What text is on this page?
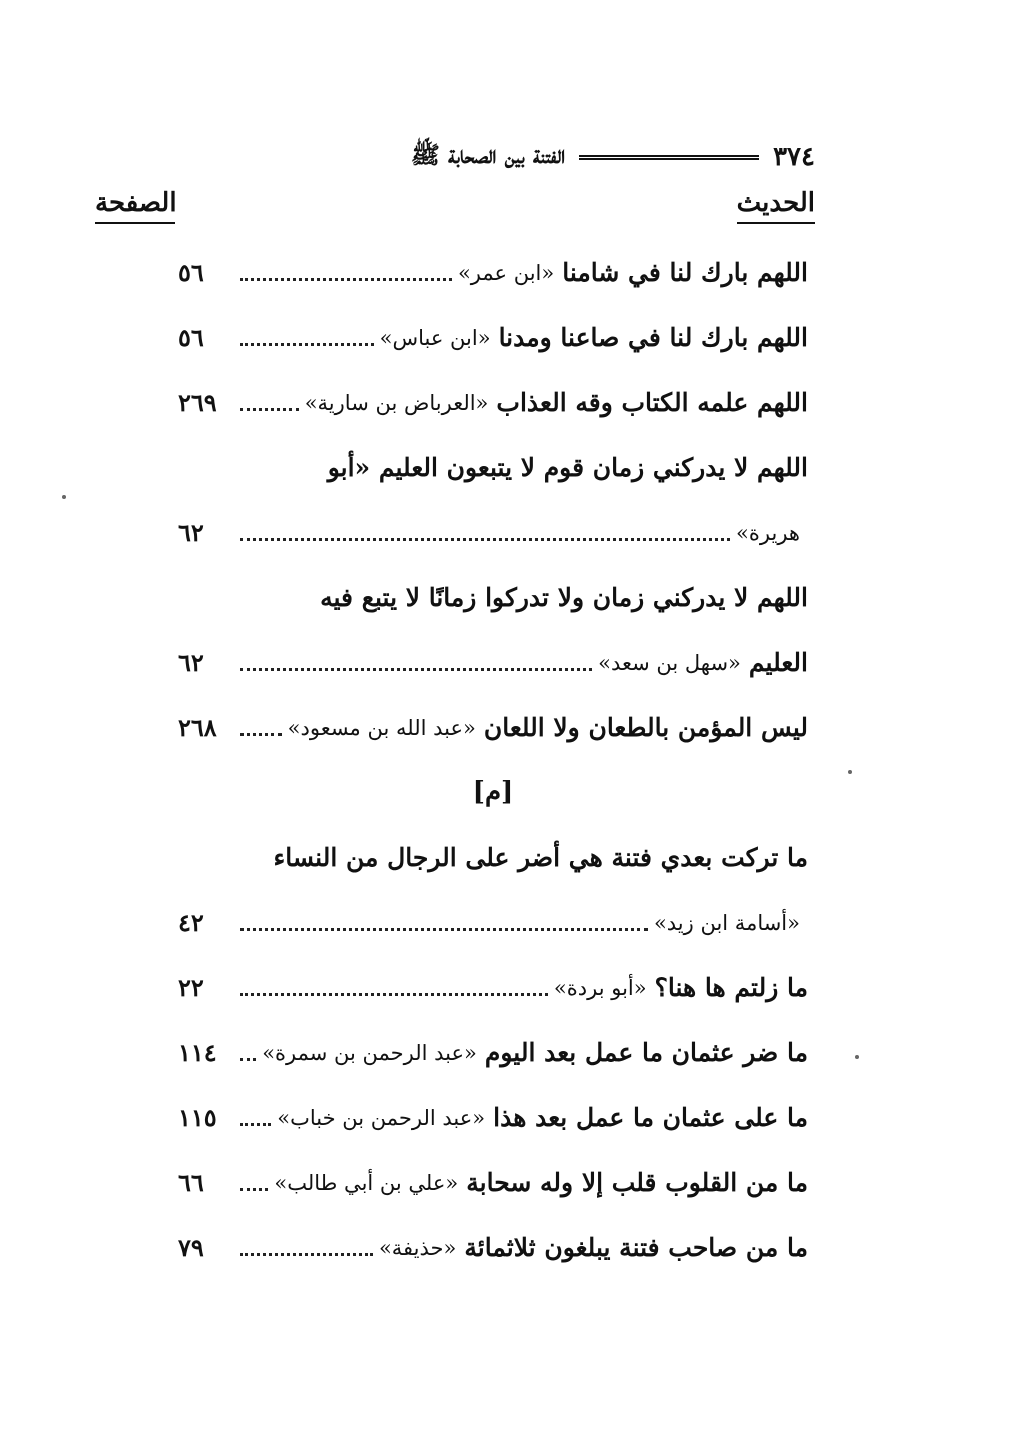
٣٧٤
الفتنة بين الصحابة ﷺ
الحديث
الصفحة
اللهم بارك لنا في شامنا
«ابن عمر»
٥٦
اللهم بارك لنا في صاعنا ومدنا
«ابن عباس»
٥٦
اللهم علمه الكتاب وقه العذاب
«العرباض بن سارية»
٢٦٩
اللهم لا يدركني زمان قوم لا يتبعون العليم «أبو
هريرة»
٦٢
اللهم لا يدركني زمان ولا تدركوا زمانًا لا يتبع فيه
العليم
«سهل بن سعد»
٦٢
ليس المؤمن بالطعان ولا اللعان
«عبد الله بن مسعود»
٢٦٨
[م]
ما تركت بعدي فتنة هي أضر على الرجال من النساء
«أسامة ابن زيد»
٤٢
ما زلتم ها هنا؟
«أبو بردة»
٢٢
ما ضر عثمان ما عمل بعد اليوم
«عبد الرحمن بن سمرة»
١١٤
ما على عثمان ما عمل بعد هذا
«عبد الرحمن بن خباب»
١١٥
ما من القلوب قلب إلا وله سحابة
«علي بن أبي طالب»
٦٦
ما من صاحب فتنة يبلغون ثلاثمائة
«حذيفة»
٧٩
